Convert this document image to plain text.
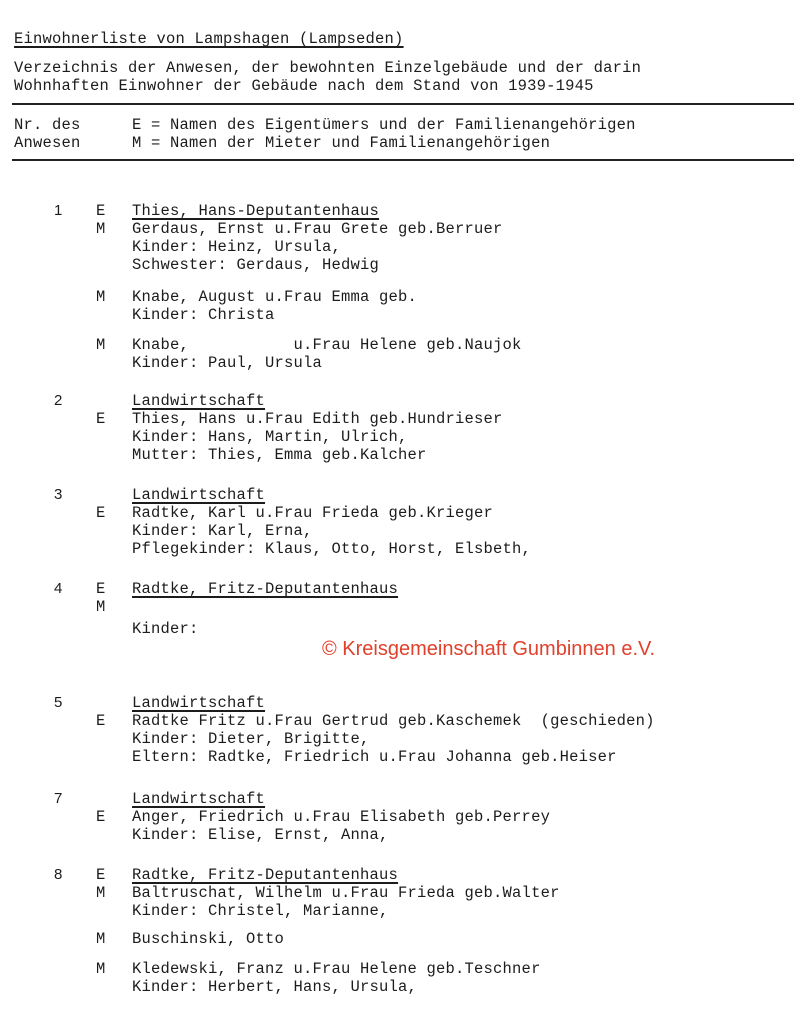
Einwohnerliste von Lampshagen (Lampseden)
Verzeichnis der Anwesen, der bewohnten Einzelgebäude und der darin
Wohnhaften Einwohner der Gebäude nach dem Stand von 1939-1945
Nr. des
Anwesen
E = Namen des Eigentümers und der Familienangehörigen
M = Namen der Mieter und Familienangehörigen
1 E	Thies, Hans-Deputantenhaus
M	Gerdaus, Ernst u.Frau Grete geb.Berruer
Kinder: Heinz, Ursula,
Schwester: Gerdaus, Hedwig
M	Knabe, August u.Frau Emma geb.
Kinder: Christa
M	Knabe,           u.Frau Helene geb.Naujok
Kinder: Paul, Ursula
2	Landwirtschaft
E	Thies, Hans u.Frau Edith geb.Hundrieser
Kinder: Hans, Martin, Ulrich,
Mutter: Thies, Emma geb.Kalcher
3	Landwirtschaft
E	Radtke, Karl u.Frau Frieda geb.Krieger
Kinder: Karl, Erna,
Pflegekinder: Klaus, Otto, Horst, Elsbeth,
4 E	Radtke, Fritz-Deputantenhaus
M
Kinder:
5	Landwirtschaft
E	Radtke Fritz u.Frau Gertrud geb.Kaschemek  (geschieden)
Kinder: Dieter, Brigitte,
Eltern: Radtke, Friedrich u.Frau Johanna geb.Heiser
7	Landwirtschaft
E	Anger, Friedrich u.Frau Elisabeth geb.Perrey
Kinder: Elise, Ernst, Anna,
8 E	Radtke, Fritz-Deputantenhaus
M	Baltruschat, Wilhelm u.Frau Frieda geb.Walter
Kinder: Christel, Marianne,
M	Buschinski, Otto
M	Kledewski, Franz u.Frau Helene geb.Teschner
Kinder: Herbert, Hans, Ursula,
© Kreisgemeinschaft Gumbinnen e.V.
